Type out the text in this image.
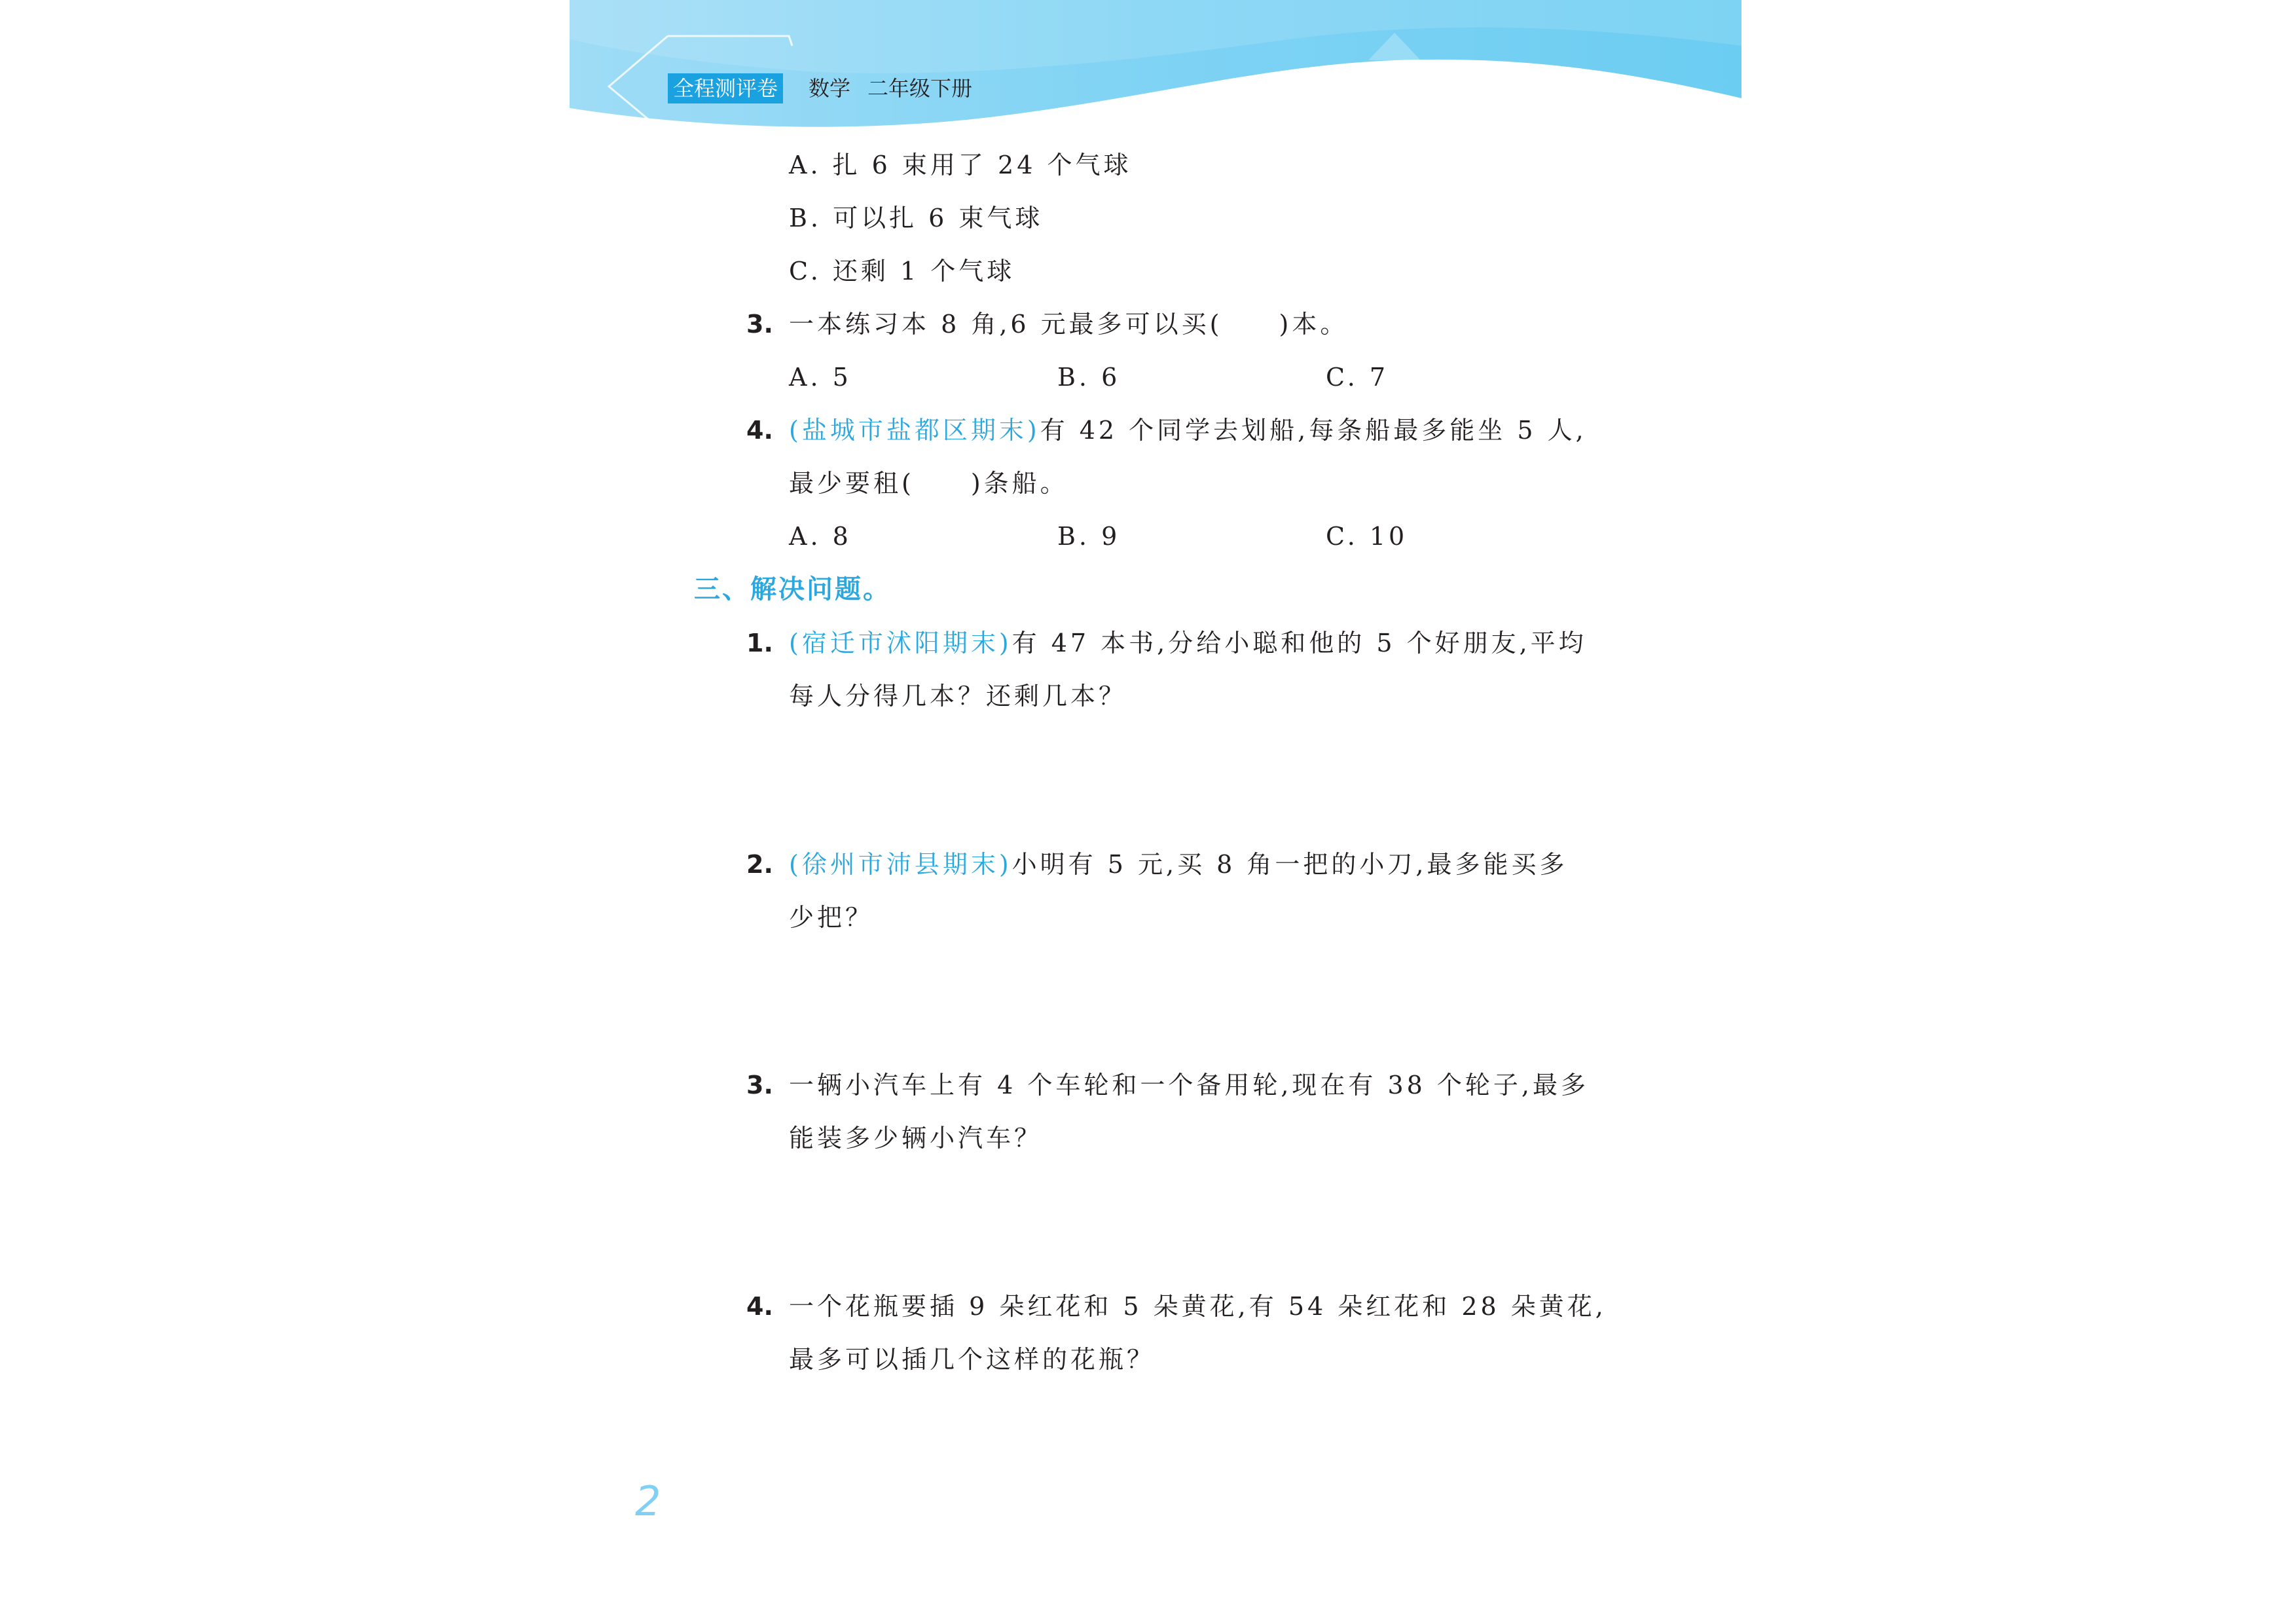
全程测评卷 数学 二年级下册
A. 扎 6 束用了 24 个气球
B. 可以扎 6 束气球
C. 还剩 1 个气球
3. 一本练习本 8 角,6 元最多可以买(　　)本。
A. 5	B. 6	C. 7
4. (盐城市盐都区期末)有 42 个同学去划船,每条船最多能坐 5 人,
最少要租(　　)条船。
A. 8	B. 9	C. 10
三、解决问题。
1. (宿迁市沭阳期末)有 47 本书,分给小聪和他的 5 个好朋友,平均
每人分得几本？还剩几本？
2. (徐州市沛县期末)小明有 5 元,买 8 角一把的小刀,最多能买多
少把？
3. 一辆小汽车上有 4 个车轮和一个备用轮,现在有 38 个轮子,最多
能装多少辆小汽车？
4. 一个花瓶要插 9 朵红花和 5 朵黄花,有 54 朵红花和 28 朵黄花,
最多可以插几个这样的花瓶？
2
